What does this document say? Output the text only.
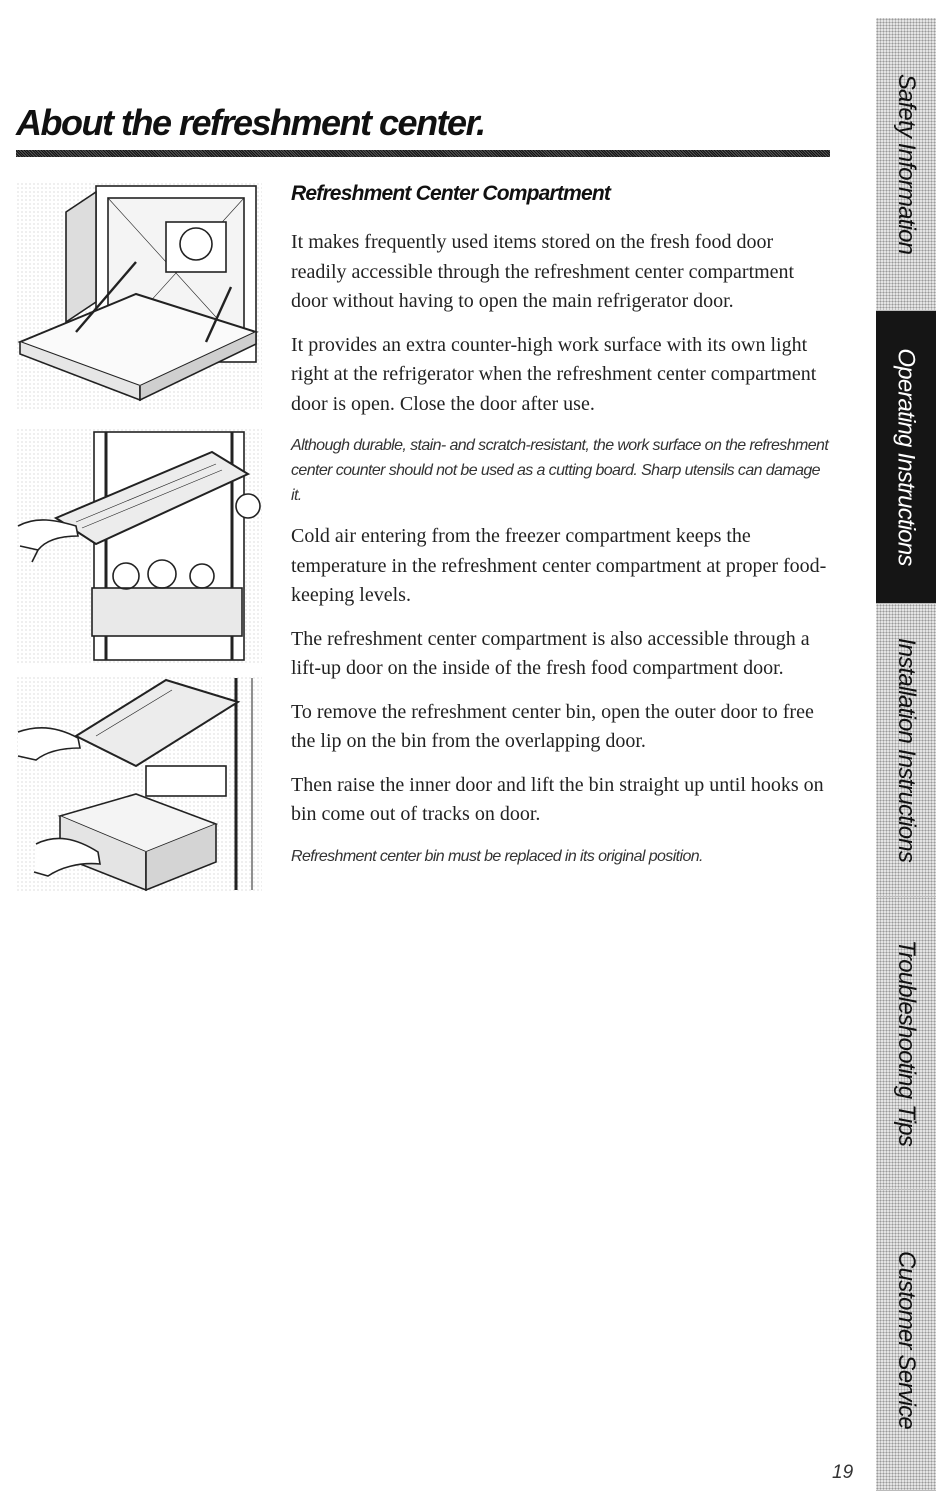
About the refreshment center.
Refreshment Center Compartment

It makes frequently used items stored on the fresh food door readily accessible through the refreshment center compartment door without having to open the main refrigerator door.

It provides an extra counter-high work surface with its own light right at the refrigerator when the refreshment center compartment door is open. Close the door after use.

Although durable, stain- and scratch-resistant, the work surface on the refreshment center counter should not be used as a cutting board. Sharp utensils can damage it.

Cold air entering from the freezer compartment keeps the temperature in the refreshment center compartment at proper food-keeping levels.

The refreshment center compartment is also accessible through a lift-up door on the inside of the fresh food compartment door.

To remove the refreshment center bin, open the outer door to free the lip on the bin from the overlapping door.

Then raise the inner door and lift the bin straight up until hooks on bin come out of tracks on door.

Refreshment center bin must be replaced in its original position.

Safety Information
Operating Instructions
Installation Instructions
Troubleshooting Tips
Customer Service
19
